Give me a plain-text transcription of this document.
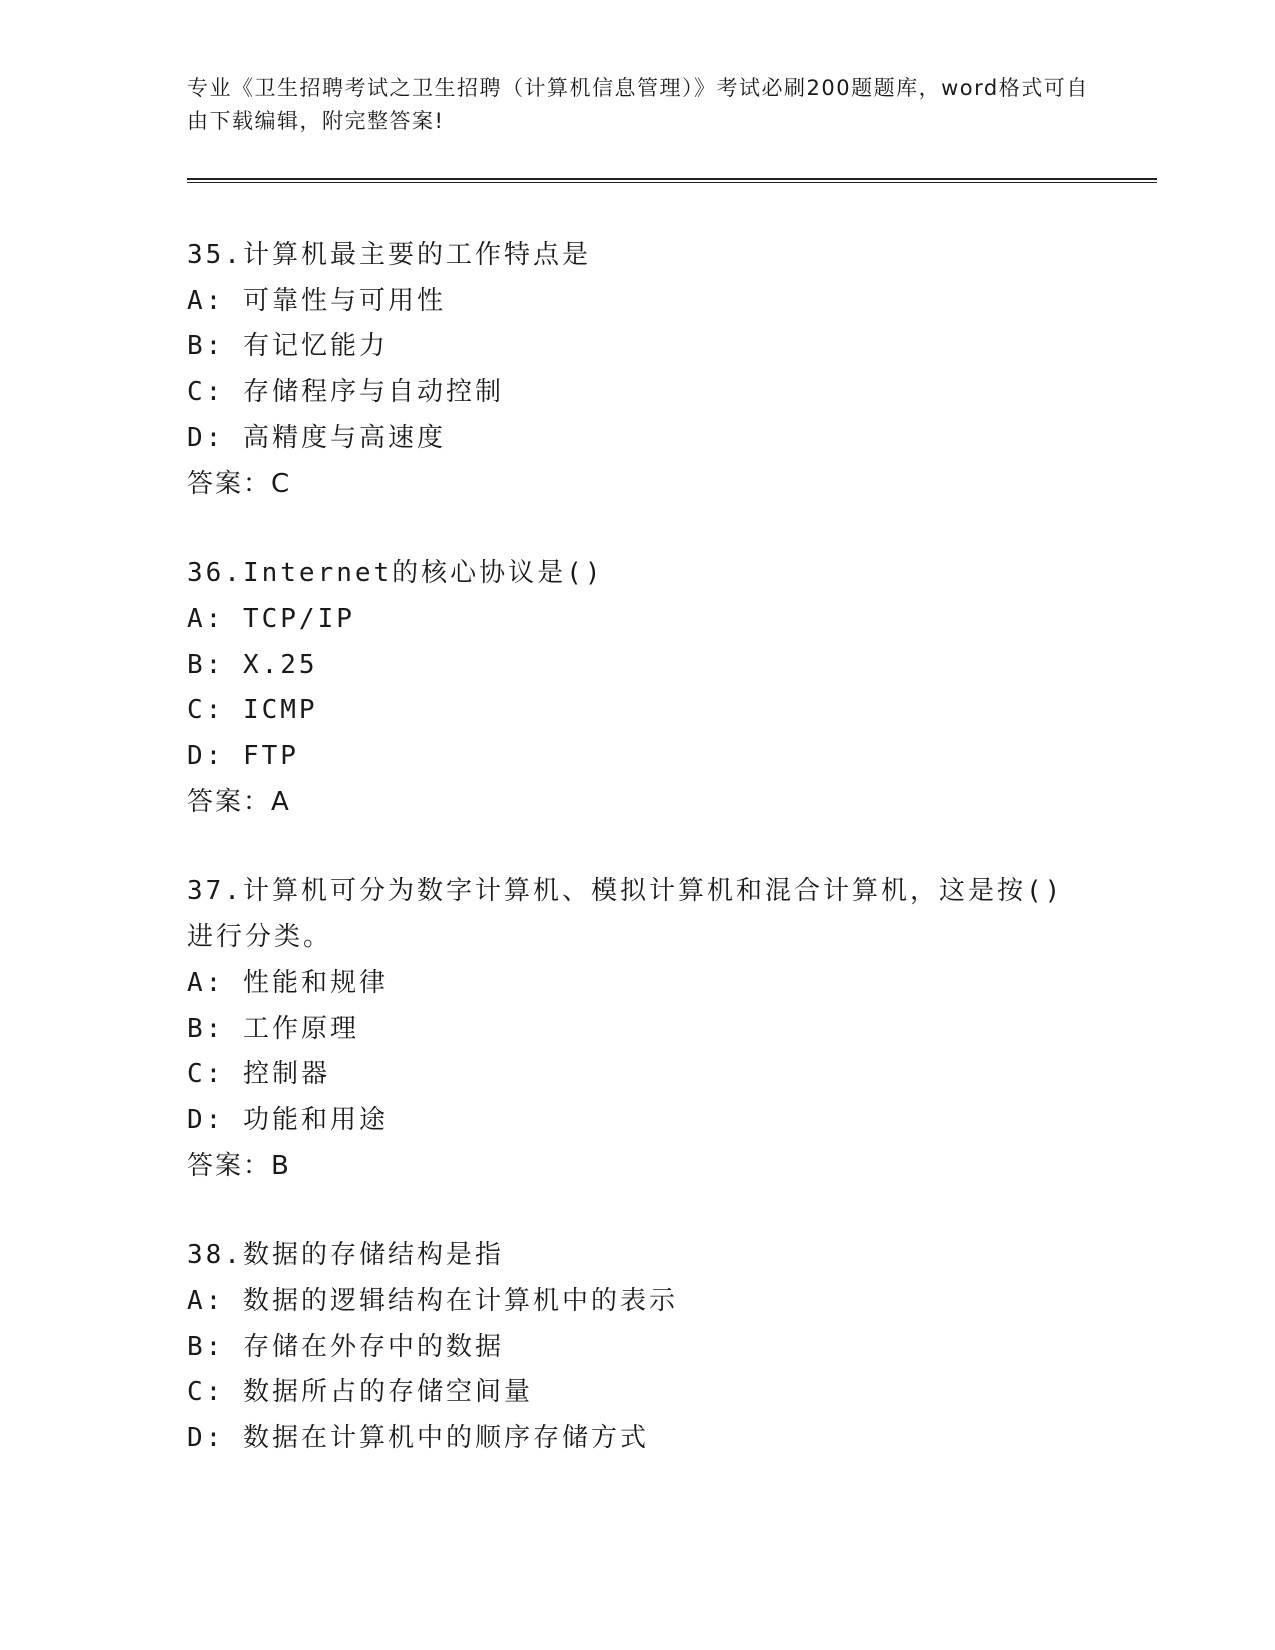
专业《卫生招聘考试之卫生招聘（计算机信息管理）》考试必刷200题题库，word格式可自由下载编辑，附完整答案!
35.计算机最主要的工作特点是
A: 可靠性与可用性
B: 有记忆能力
C: 存储程序与自动控制
D: 高精度与高速度
答案：C
36.Internet的核心协议是()
A: TCP/IP
B: X.25
C: ICMP
D: FTP
答案：A
37.计算机可分为数字计算机、模拟计算机和混合计算机，这是按()进行分类。
A: 性能和规律
B: 工作原理
C: 控制器
D: 功能和用途
答案：B
38.数据的存储结构是指
A: 数据的逻辑结构在计算机中的表示
B: 存储在外存中的数据
C: 数据所占的存储空间量
D: 数据在计算机中的顺序存储方式
